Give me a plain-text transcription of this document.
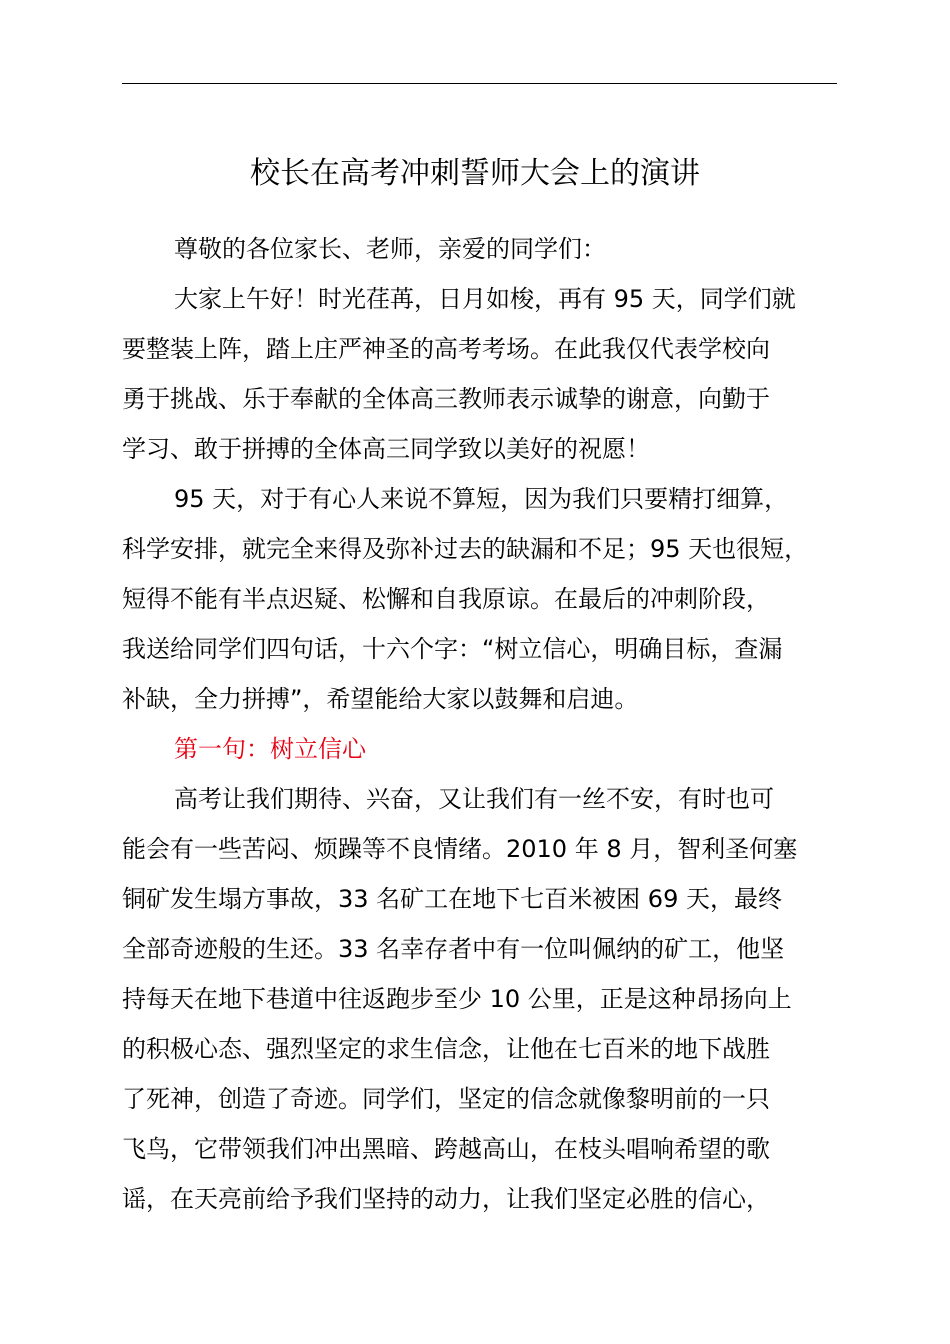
校长在高考冲刺誓师大会上的演讲

尊敬的各位家长、老师，亲爱的同学们：

大家上午好！时光荏苒，日月如梭，再有 95 天，同学们就
要整装上阵，踏上庄严神圣的高考考场。在此我仅代表学校向
勇于挑战、乐于奉献的全体高三教师表示诚挚的谢意，向勤于
学习、敢于拼搏的全体高三同学致以美好的祝愿！

95 天，对于有心人来说不算短，因为我们只要精打细算，
科学安排，就完全来得及弥补过去的缺漏和不足；95 天也很短，
短得不能有半点迟疑、松懈和自我原谅。在最后的冲刺阶段，
我送给同学们四句话，十六个字：“树立信心，明确目标，查漏
补缺，全力拼搏”，希望能给大家以鼓舞和启迪。

第一句：树立信心

高考让我们期待、兴奋，又让我们有一丝不安，有时也可
能会有一些苦闷、烦躁等不良情绪。2010 年 8 月，智利圣何塞
铜矿发生塌方事故，33 名矿工在地下七百米被困 69 天，最终
全部奇迹般的生还。33 名幸存者中有一位叫佩纳的矿工，他坚
持每天在地下巷道中往返跑步至少 10 公里，正是这种昂扬向上
的积极心态、强烈坚定的求生信念，让他在七百米的地下战胜
了死神，创造了奇迹。同学们，坚定的信念就像黎明前的一只
飞鸟，它带领我们冲出黑暗、跨越高山，在枝头唱响希望的歌
谣，在天亮前给予我们坚持的动力，让我们坚定必胜的信心，
